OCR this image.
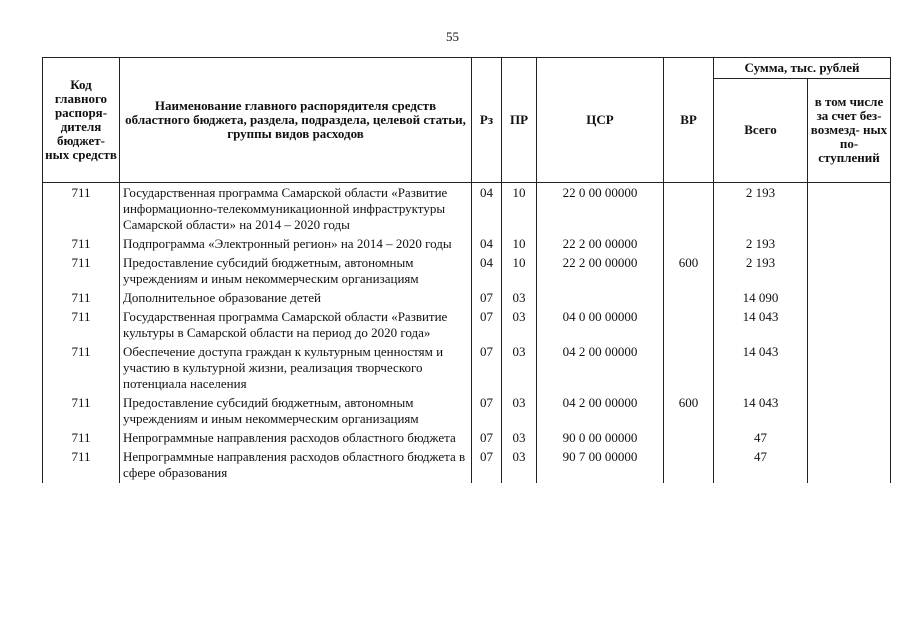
55
Код главного распоря- дителя бюджет- ных средств	Наименование главного распорядителя средств областного бюджета, раздела, подраздела, целевой статьи, группы видов расходов	Рз	ПР	ЦСР	ВР	Сумма, тыс. рублей	
						Всего	в том числе за счет без- возмезд- ных по- ступлений
711	Государственная программа Самарской области «Развитие информационно-телекоммуникационной инфраструктуры Самарской области» на 2014 – 2020 годы	04	10	22 0 00 00000		2 193	
711	Подпрограмма «Электронный регион» на 2014 – 2020 годы	04	10	22 2 00 00000		2 193	
711	Предоставление субсидий бюджетным, автономным учреждениям и иным некоммерческим организациям	04	10	22 2 00 00000	600	2 193	
711	Дополнительное образование детей	07	03			14 090	
711	Государственная программа Самарской области «Развитие культуры в Самарской области на период до 2020 года»	07	03	04 0 00 00000		14 043	
711	Обеспечение доступа граждан к культурным ценностям и участию в культурной жизни, реализация творческого потенциала населения	07	03	04 2 00 00000		14 043	
711	Предоставление субсидий бюджетным, автономным учреждениям и иным некоммерческим организациям	07	03	04 2 00 00000	600	14 043	
711	Непрограммные направления расходов областного бюджета	07	03	90 0 00 00000		47	
711	Непрограммные направления расходов областного бюджета в сфере образования	07	03	90 7 00 00000		47	
